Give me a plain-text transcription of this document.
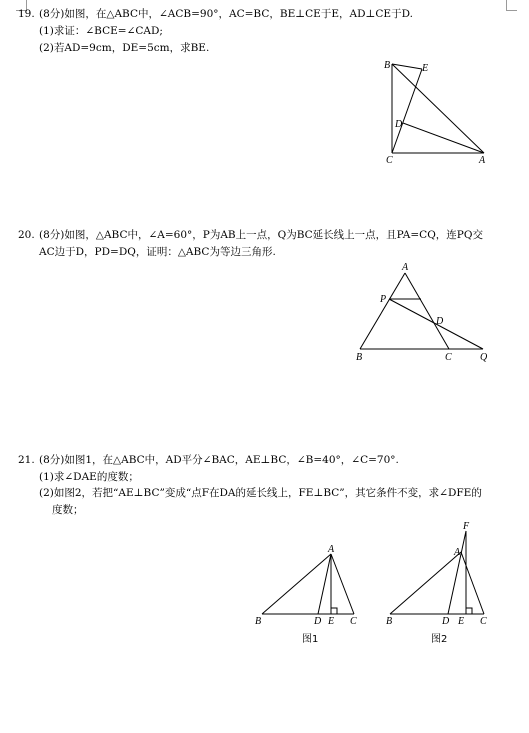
19. (8分)如图，在△ABC中，∠ACB=90°，AC=BC，BE⊥CE于E，AD⊥CE于D.
(1)求证：∠BCE=∠CAD;
(2)若AD=9cm，DE=5cm，求BE.
20. (8分)如图，△ABC中，∠A=60°，P为AB上一点，Q为BC延长线上一点，且PA=CQ，连PQ交
AC边于D，PD=DQ，证明：△ABC为等边三角形.
21. (8分)如图1，在△ABC中，AD平分∠BAC，AE⊥BC，∠B=40°，∠C=70°.
(1)求∠DAE的度数；
(2)如图2，若把“AE⊥BC”变成“点F在DA的延长线上，FE⊥BC”，其它条件不变，求∠DFE的
度数；
B	E
D
C	A
A
P
D
B	C	Q
A
B	D E C
图1
F
A
B	D E C
图2
